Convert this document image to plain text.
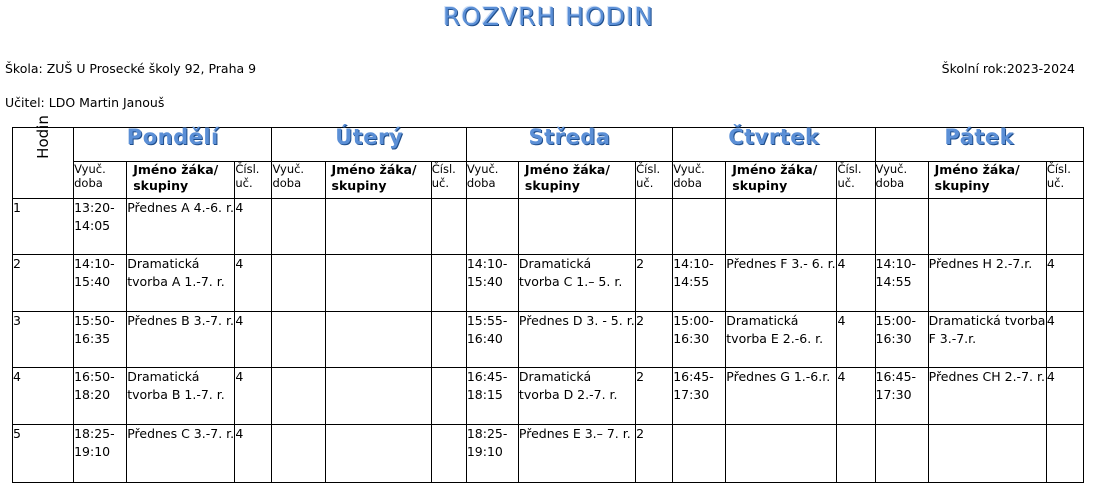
ROZVRH HODIN
Škola: ZUŠ U Prosecké školy 92, Praha 9	Školní rok:2023-2024
Učitel: LDO Martin Janouš
Hodin	Pondělí			Úterý			Středa			Čtvrtek			Pátek		
	Vyuč. doba	Jméno žáka/ skupiny	Čísl. uč.	Vyuč. doba	Jméno žáka/ skupiny	Čísl. uč.	Vyuč. doba	Jméno žáka/ skupiny	Čísl. uč.	Vyuč. doba	Jméno žáka/ skupiny	Čísl. uč.	Vyuč. doba	Jméno žáka/ skupiny	Čísl. uč.
1	13:20- 14:05	Přednes A 4.-6. r.	4												
2	14:10- 15:40	Dramatická tvorba A 1.-7. r.	4				14:10- 15:40	Dramatická tvorba C 1.– 5. r.	2	14:10- 14:55	Přednes F 3.- 6. r.	4	14:10- 14:55	Přednes H 2.-7.r.	4
3	15:50- 16:35	Přednes B 3.-7. r.	4				15:55- 16:40	Přednes D 3. - 5. r.	2	15:00- 16:30	Dramatická tvorba E 2.-6. r.	4	15:00- 16:30	Dramatická tvorba F 3.-7.r.	4
4	16:50- 18:20	Dramatická tvorba B 1.-7. r.	4				16:45- 18:15	Dramatická tvorba D 2.-7. r.	2	16:45- 17:30	Přednes G 1.-6.r.	4	16:45- 17:30	Přednes CH 2.-7. r.	4
5	18:25- 19:10	Přednes C 3.-7. r.	4				18:25- 19:10	Přednes E 3.– 7. r.	2						
